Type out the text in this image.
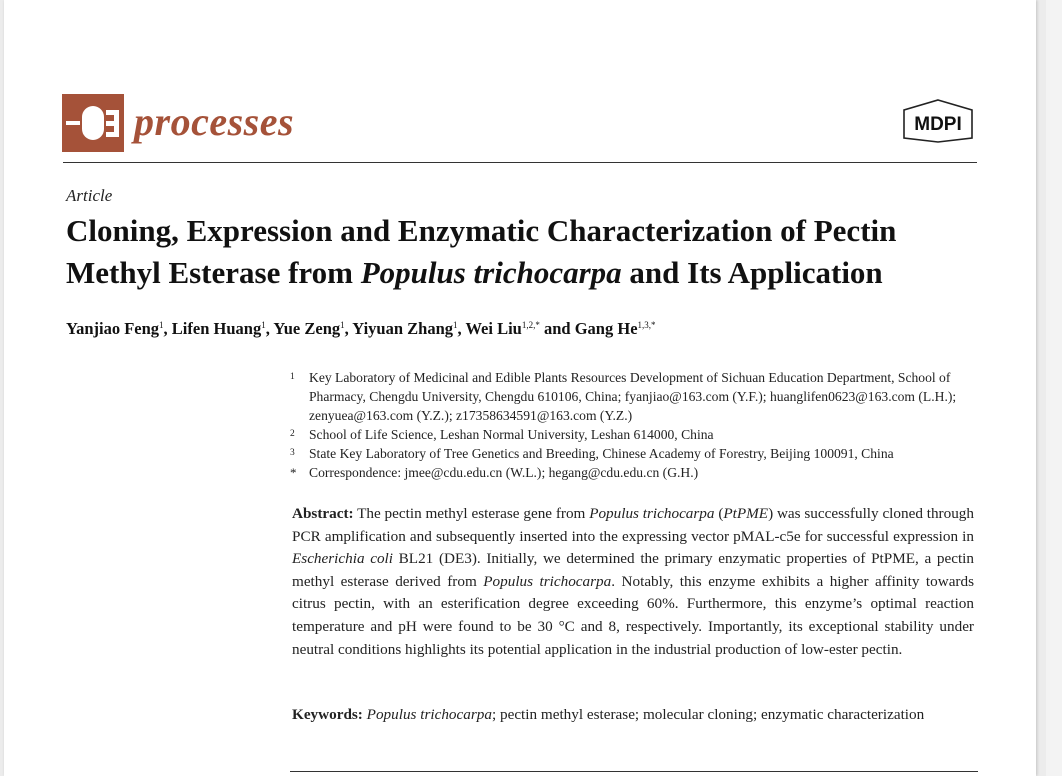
processes	MDPI
Article
Cloning, Expression and Enzymatic Characterization of Pectin Methyl Esterase from Populus trichocarpa and Its Application
Yanjiao Feng$^1$, Lifen Huang$^1$, Yue Zeng$^1$, Yiyuan Zhang$^1$, Wei Liu$^{1,2,*}$ and Gang $He^{1,3,*}$
1 Key Laboratory of Medicinal and Edible Plants Resources Development of Sichuan Education Department, School of Pharmacy, Chengdu University, Chengdu 610106, China; fyanjiao@163.com (Y.F.); huanglifen0623@163.com (L.H.); zenyuea@163.com (Y.Z.); z17358634591@163.com (Y.Z.)
2 School of Life Science, Leshan Normal University, Leshan 614000, China
3 State Key Laboratory of Tree Genetics and Breeding, Chinese Academy of Forestry, Beijing 100091, China
* Correspondence: jmee@cdu.edu.cn (W.L.); hegang@cdu.edu.cn (G.H.)

Abstract: The pectin methyl esterase gene from Populus trichocarpa (PtPME) was successfully cloned through PCR amplification and subsequently inserted into the expressing vector pMAL-c5e for successful expression in Escherichia coli BL21 (DE3). Initially, we determined the primary enzymatic properties of PtPME, a pectin methyl esterase derived from Populus trichocarpa. Notably, this enzyme exhibits a higher affinity towards citrus pectin, with an esterification degree exceeding 60%. Furthermore, this enzyme’s optimal reaction temperature and pH were found to be 30 °C and 8, respectively. Importantly, its exceptional stability under neutral conditions highlights its potential application in the industrial production of low-ester pectin.

Keywords: Populus trichocarpa; pectin methyl esterase; molecular cloning; enzymatic characterization
